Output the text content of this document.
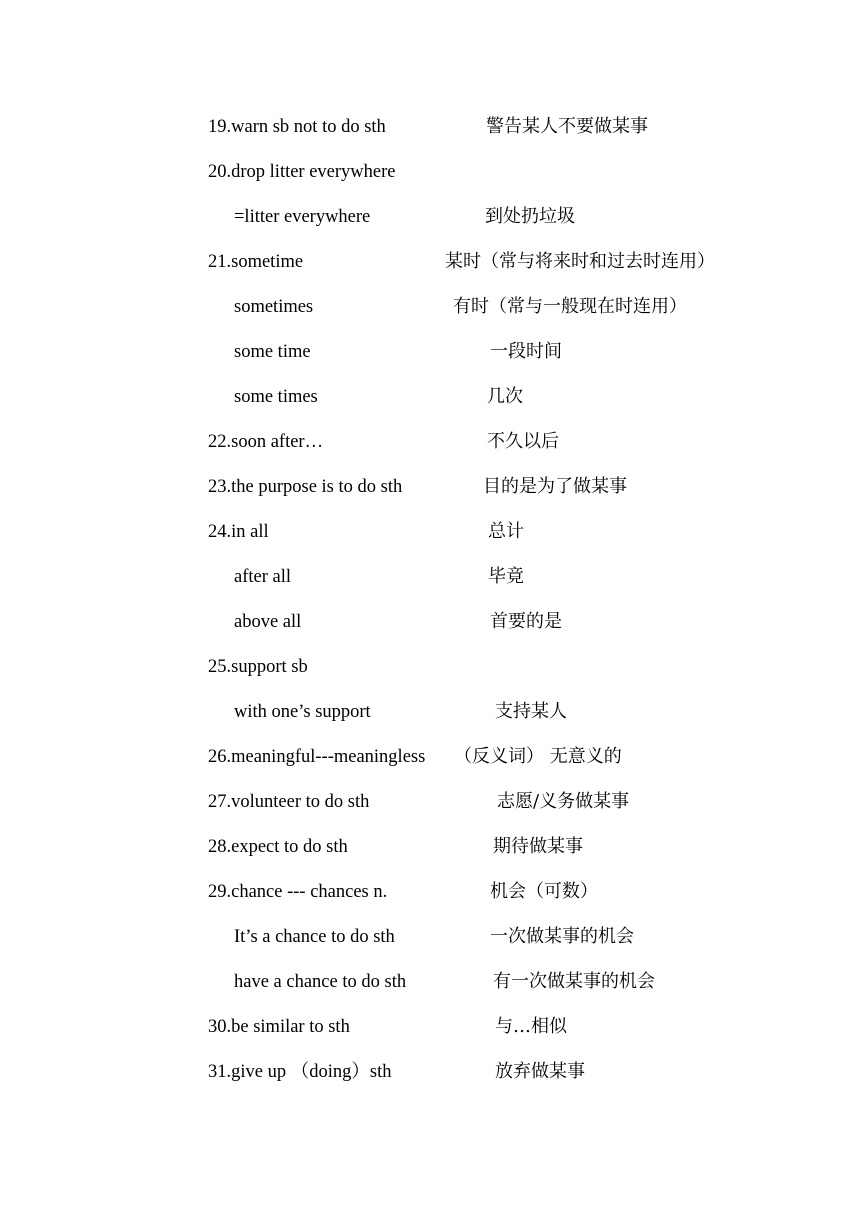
19.warn sb not to do sth	警告某人不要做某事
20.drop litter everywhere
=litter everywhere	到处扔垃圾
21.sometime	某时（常与将来时和过去时连用）
sometimes	有时（常与一般现在时连用）
some time	一段时间
some times	几次
22.soon after…	不久以后
23.the purpose is to do sth	目的是为了做某事
24.in all	总计
after all	毕竟
above all	首要的是
25.support sb
with one’s support	支持某人
26.meaningful---meaningless （反义词） 无意义的
27.volunteer to do sth	志愿/义务做某事
28.expect to do sth	期待做某事
29.chance --- chances n.	机会（可数）
It’s a chance to do sth	一次做某事的机会
have a chance to do sth	有一次做某事的机会
30.be similar to sth	与…相似
31.give up （doing）sth	放弃做某事
